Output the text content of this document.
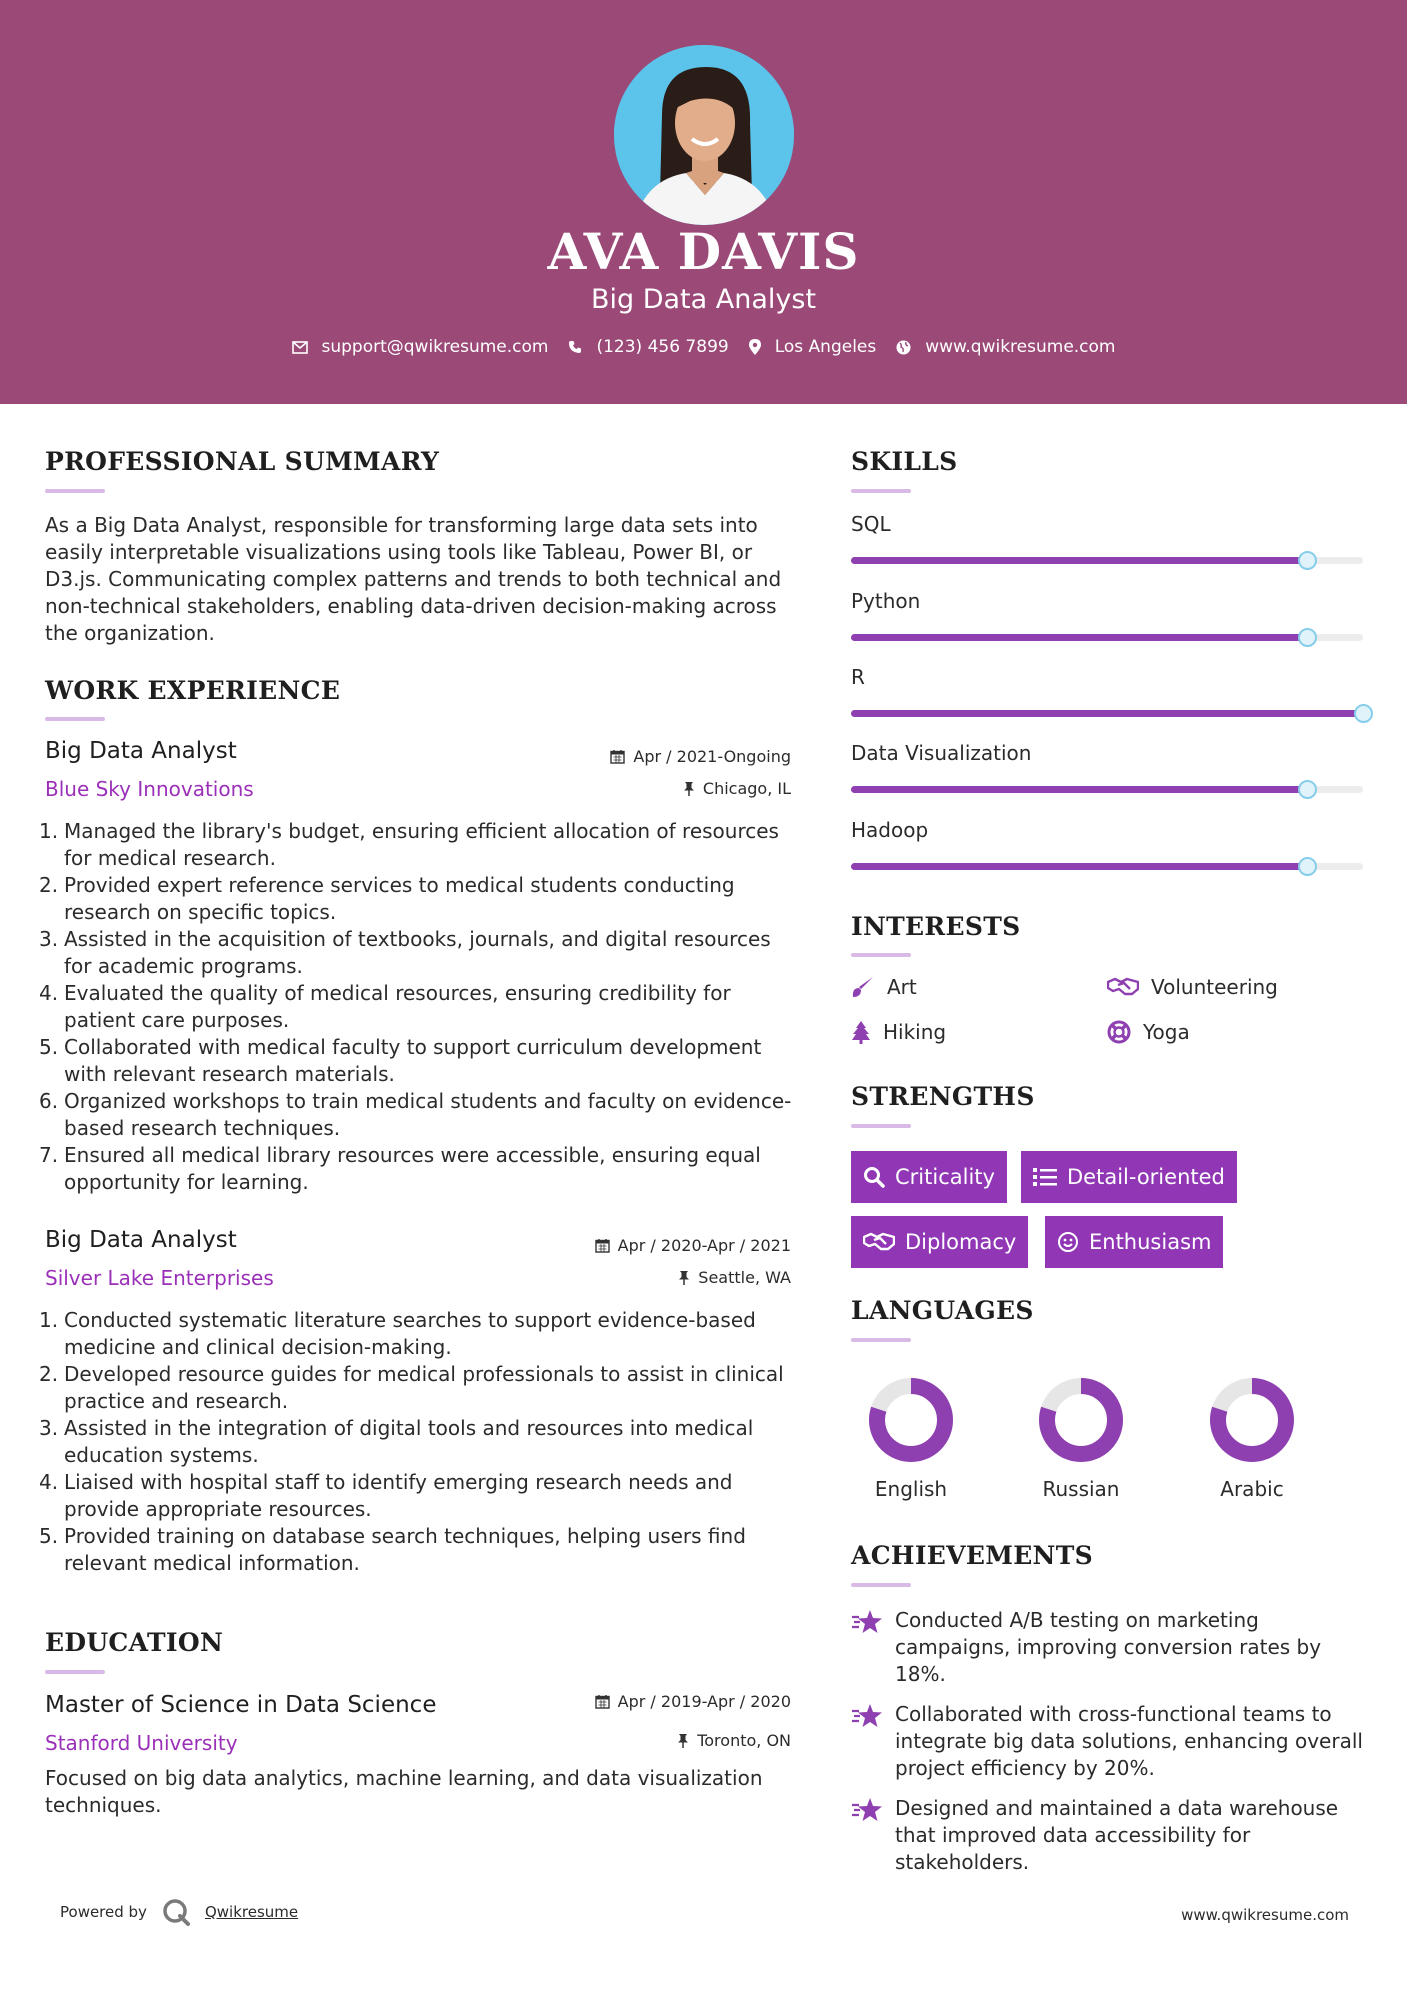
AVA DAVIS
Big Data Analyst
support@qwikresume.com	(123) 456 7899	Los Angeles	www.qwikresume.com
PROFESSIONAL SUMMARY
As a Big Data Analyst, responsible for transforming large data sets into easily interpretable visualizations using tools like Tableau, Power BI, or D3.js. Communicating complex patterns and trends to both technical and non-technical stakeholders, enabling data-driven decision-making across the organization.
WORK EXPERIENCE
Big Data Analyst
Blue Sky Innovations
Apr / 2021-Ongoing
Chicago, IL
1. Managed the library's budget, ensuring efficient allocation of resources for medical research.
2. Provided expert reference services to medical students conducting research on specific topics.
3. Assisted in the acquisition of textbooks, journals, and digital resources for academic programs.
4. Evaluated the quality of medical resources, ensuring credibility for patient care purposes.
5. Collaborated with medical faculty to support curriculum development with relevant research materials.
6. Organized workshops to train medical students and faculty on evidence-based research techniques.
7. Ensured all medical library resources were accessible, ensuring equal opportunity for learning.
Big Data Analyst
Silver Lake Enterprises
Apr / 2020-Apr / 2021
Seattle, WA
1. Conducted systematic literature searches to support evidence-based medicine and clinical decision-making.
2. Developed resource guides for medical professionals to assist in clinical practice and research.
3. Assisted in the integration of digital tools and resources into medical education systems.
4. Liaised with hospital staff to identify emerging research needs and provide appropriate resources.
5. Provided training on database search techniques, helping users find relevant medical information.
EDUCATION
Master of Science in Data Science
Stanford University
Apr / 2019-Apr / 2020
Toronto, ON
Focused on big data analytics, machine learning, and data visualization techniques.
SKILLS
SQL
Python
R
Data Visualization
Hadoop
INTERESTS
Art	Volunteering
Hiking	Yoga
STRENGTHS
Criticality	Detail-oriented
Diplomacy	Enthusiasm
LANGUAGES
English	Russian	Arabic
ACHIEVEMENTS
Conducted A/B testing on marketing campaigns, improving conversion rates by 18%.
Collaborated with cross-functional teams to integrate big data solutions, enhancing overall project efficiency by 20%.
Designed and maintained a data warehouse that improved data accessibility for stakeholders.
Powered by	Qwikresume	www.qwikresume.com
